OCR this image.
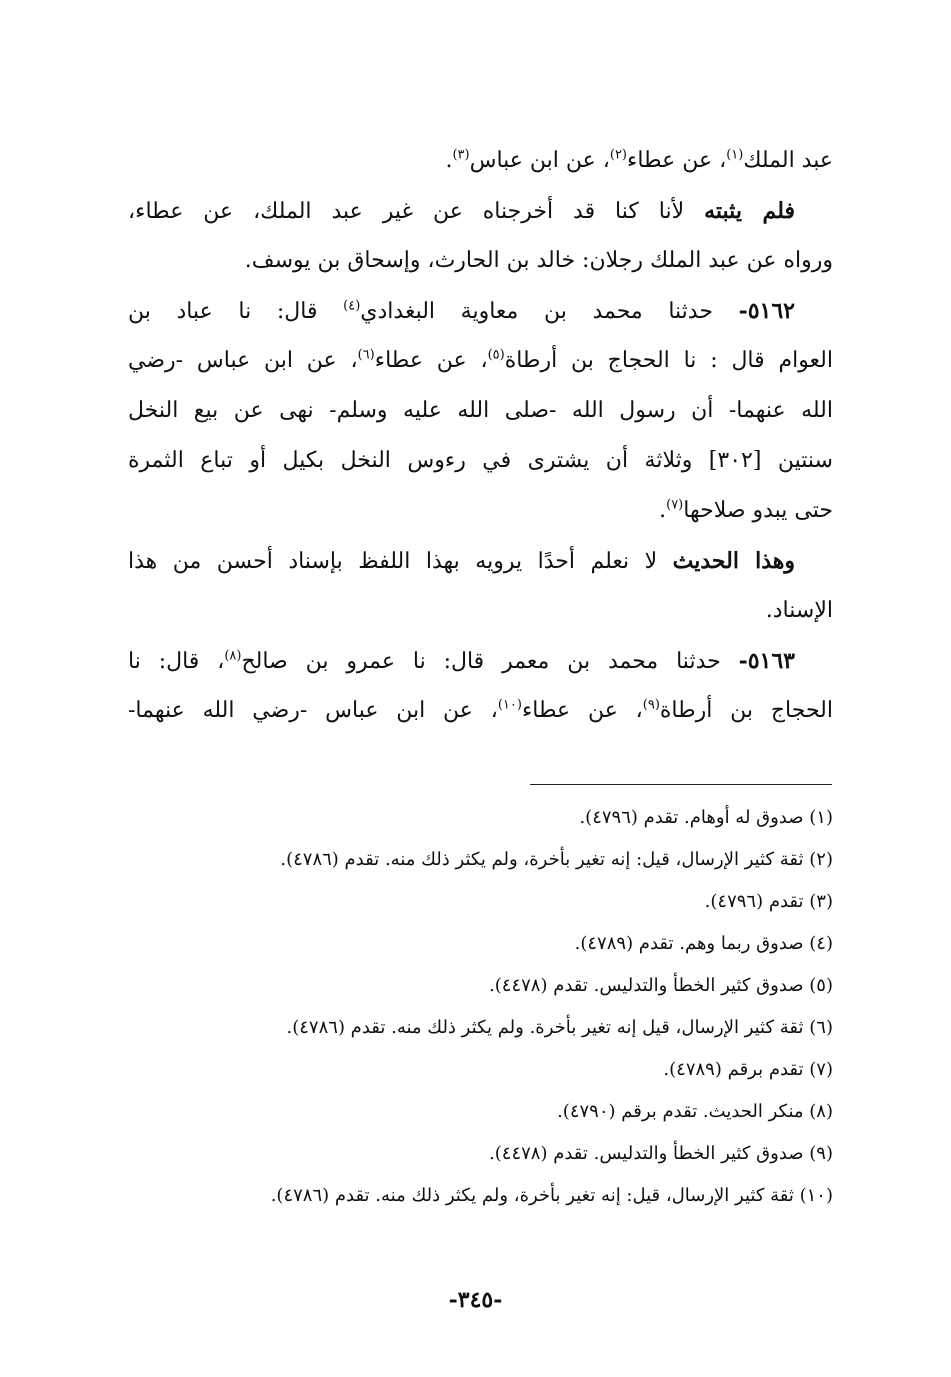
عبد الملك$^{(١)}$، عن عطاء$^{(٢)}$، عن ابن عباس$^{(٣)}$.
فلم يثبته لأنا كنا قد أخرجناه عن غير عبد الملك، عن عطاء،
ورواه عن عبد الملك رجلان: خالد بن الحارث، وإسحاق بن يوسف.
٥١٦٢- حدثنا محمد بن معاوية البغدادي$^{(٤)}$ قال: نا عباد بن
العوام قال : نا الحجاج بن أرطاة$^{(٥)}$، عن عطاء$^{(٦)}$، عن ابن عباس -رضي
الله عنهما- أن رسول الله -صلى الله عليه وسلم- نهى عن بيع النخل
سنتين [٣٠٢] وثلاثة أن يشترى في رءوس النخل بكيل أو تباع الثمرة
حتى يبدو صلاحها$^{(٧)}$.
وهذا الحديث لا نعلم أحدًا يرويه بهذا اللفظ بإسناد أحسن من هذا
الإسناد.
٥١٦٣- حدثنا محمد بن معمر قال: نا عمرو بن صالح$^{(٨)}$، قال: نا
الحجاج بن أرطاة$^{(٩)}$، عن عطاء$^{(١٠)}$، عن ابن عباس -رضي الله عنهما-
(١) صدوق له أوهام. تقدم (٤٧٩٦).
(٢) ثقة كثير الإرسال، قيل: إنه تغير بأخرة، ولم يكثر ذلك منه. تقدم (٤٧٨٦).
(٣) تقدم (٤٧٩٦).
(٤) صدوق ربما وهم. تقدم (٤٧٨٩).
(٥) صدوق كثير الخطأ والتدليس. تقدم (٤٤٧٨).
(٦) ثقة كثير الإرسال، قيل إنه تغير بأخرة. ولم يكثر ذلك منه. تقدم (٤٧٨٦).
(٧) تقدم برقم (٤٧٨٩).
(٨) منكر الحديث. تقدم برقم (٤٧٩٠).
(٩) صدوق كثير الخطأ والتدليس. تقدم (٤٤٧٨).
(١٠) ثقة كثير الإرسال، قيل: إنه تغير بأخرة، ولم يكثر ذلك منه. تقدم (٤٧٨٦).
-٣٤٥-
